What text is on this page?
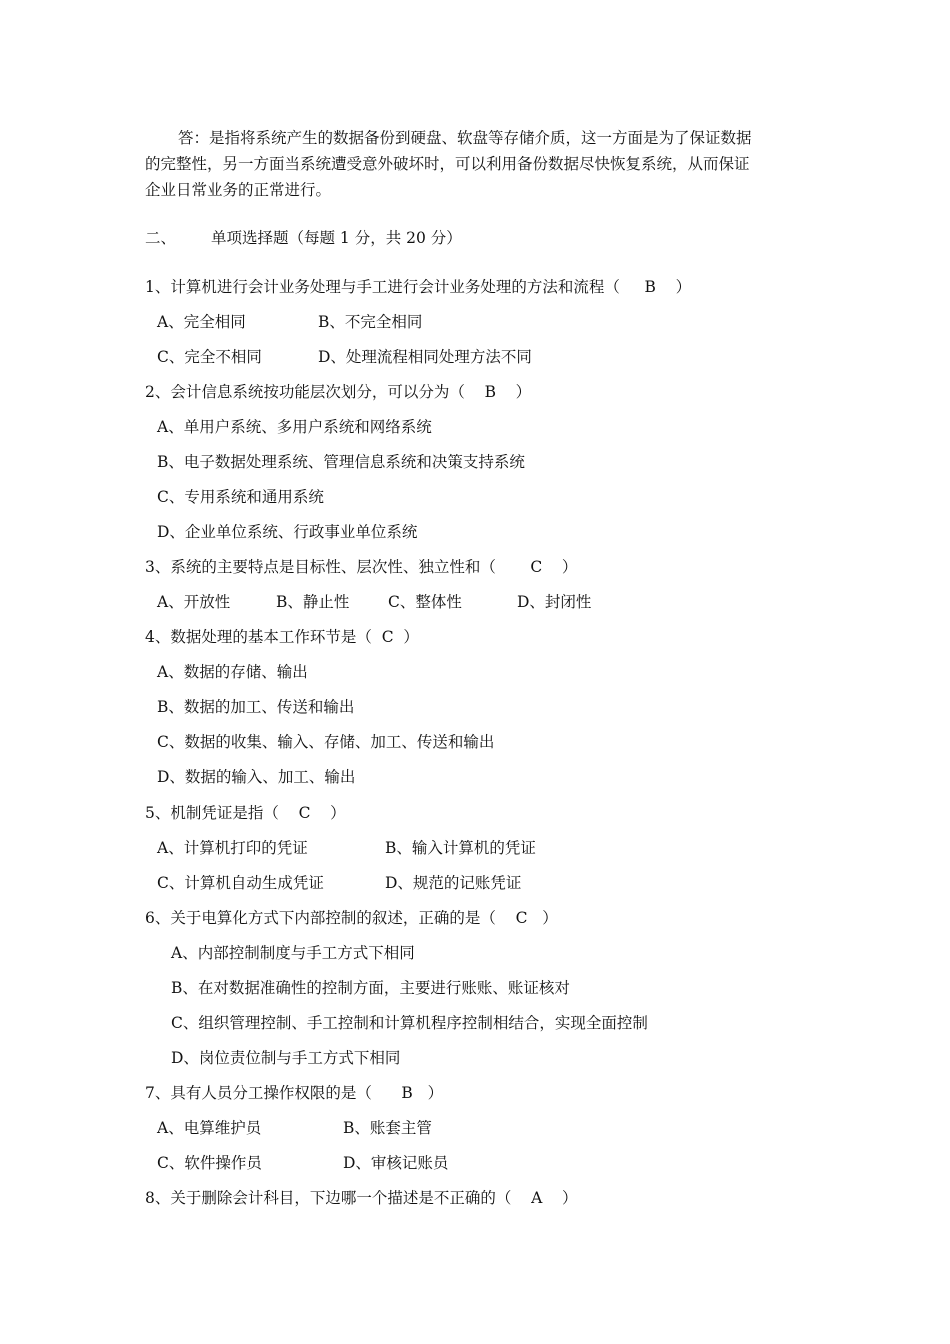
答：是指将系统产生的数据备份到硬盘、软盘等存储介质，这一方面是为了保证数据
的完整性，另一方面当系统遭受意外破坏时，可以利用备份数据尽快恢复系统，从而保证
企业日常业务的正常进行。
二、 单项选择题（每题 1 分，共 20 分）
1、计算机进行会计业务处理与手工进行会计业务处理的方法和流程（     B    ）
A、完全相同	B、不完全相同
C、完全不相同	D、处理流程相同处理方法不同
2、会计信息系统按功能层次划分，可以分为（    B    ）
A、单用户系统、多用户系统和网络系统
B、电子数据处理系统、管理信息系统和决策支持系统
C、专用系统和通用系统
D、企业单位系统、行政事业单位系统
3、系统的主要特点是目标性、层次性、独立性和（       C    ）
A、开放性	B、静止性 C、整体性	D、封闭性
4、数据处理的基本工作环节是（  C  ）
A、数据的存储、输出
B、数据的加工、传送和输出
C、数据的收集、输入、存储、加工、传送和输出
D、数据的输入、加工、输出
5、机制凭证是指（    C    ）
A、计算机打印的凭证	B、输入计算机的凭证
C、计算机自动生成凭证	D、规范的记账凭证
6、关于电算化方式下内部控制的叙述，正确的是（    C   ）
A、内部控制制度与手工方式下相同
B、在对数据准确性的控制方面，主要进行账账、账证核对
C、组织管理控制、手工控制和计算机程序控制相结合，实现全面控制
D、岗位责位制与手工方式下相同
7、具有人员分工操作权限的是（      B   ）
A、电算维护员	B、账套主管
C、软件操作员	D、审核记账员
8、关于删除会计科目，下边哪一个描述是不正确的（    A    ）
